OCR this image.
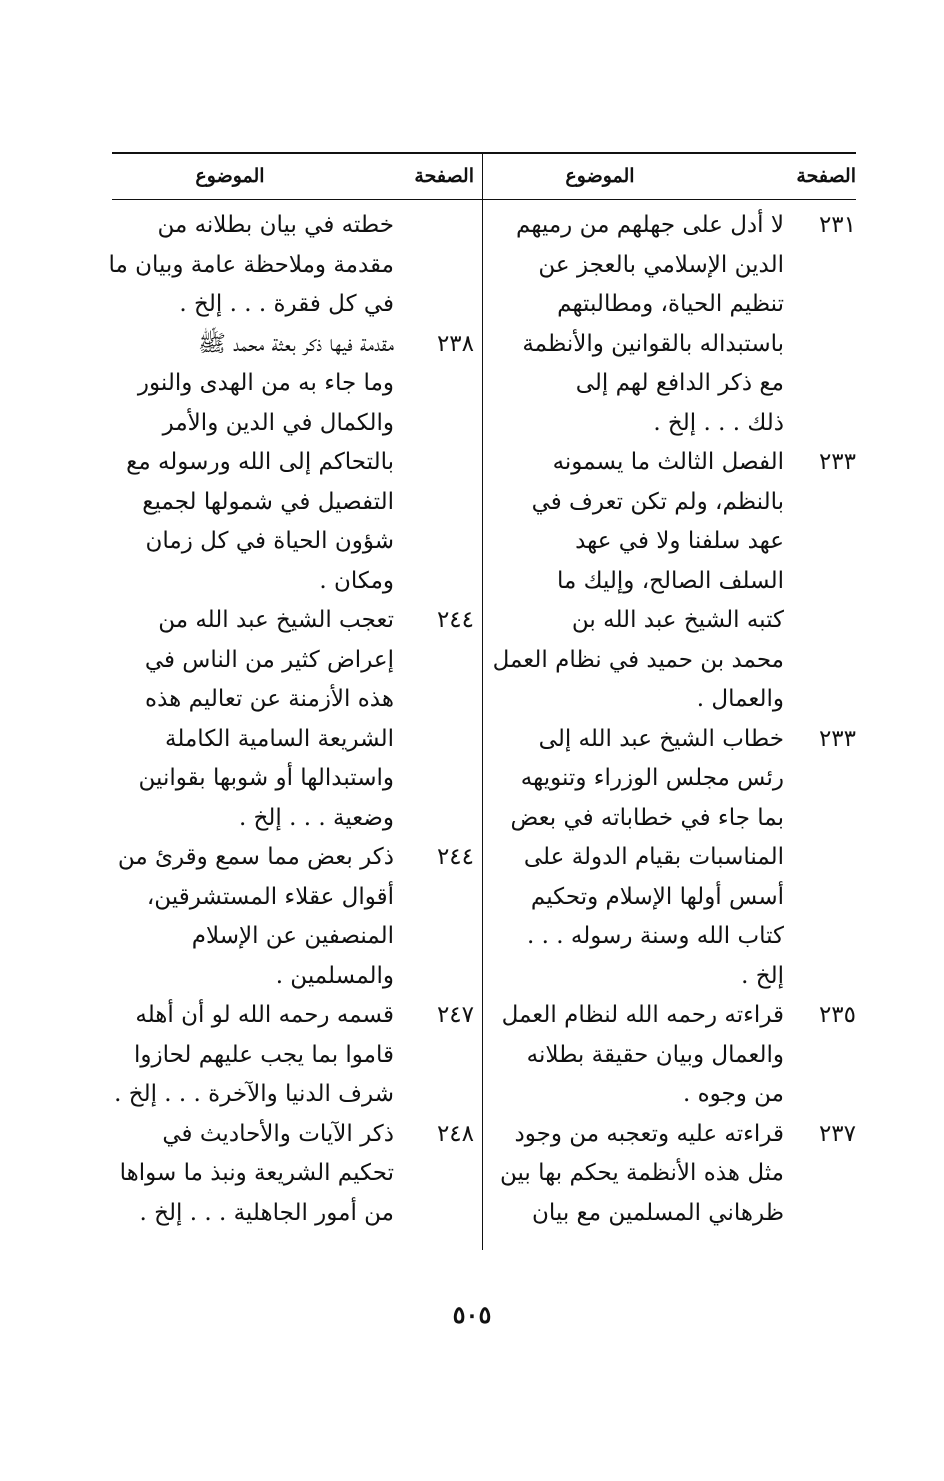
الصفحة
الموضوع
الصفحة
الموضوع
٢٣١
لا أدل على جهلهم من رميهم
الدين الإسلامي بالعجز عن
تنظيم الحياة، ومطالبتهم
باستبداله بالقوانين والأنظمة
مع ذكر الدافع لهم إلى
ذلك . . . إلخ .
٢٣٣
الفصل الثالث ما يسمونه
بالنظم، ولم تكن تعرف في
عهد سلفنا ولا في عهد
السلف الصالح، وإليك ما
كتبه الشيخ عبد الله بن
محمد بن حميد في نظام العمل
والعمال .
٢٣٣
خطاب الشيخ عبد الله إلى
رئس مجلس الوزراء وتنويهه
بما جاء في خطاباته في بعض
المناسبات بقيام الدولة على
أسس أولها الإسلام وتحكيم
كتاب الله وسنة رسوله . . .
إلخ .
٢٣٥
قراءته رحمه الله لنظام العمل
والعمال وبيان حقيقة بطلانه
من وجوه .
٢٣٧
قراءته عليه وتعجبه من وجود
مثل هذه الأنظمة يحكم بها بين
ظرهاني المسلمين مع بيان
خطته في بيان بطلانه من
مقدمة وملاحظة عامة وبيان ما
في كل فقرة . . . إلخ .
٢٣٨
مقدمة فيها ذكر بعثة محمد ﷺ
وما جاء به من الهدى والنور
والكمال في الدين والأمر
بالتحاكم إلى الله ورسوله مع
التفصيل في شمولها لجميع
شؤون الحياة في كل زمان
ومكان .
٢٤٤
تعجب الشيخ عبد الله من
إعراض كثير من الناس في
هذه الأزمنة عن تعاليم هذه
الشريعة السامية الكاملة
واستبدالها أو شوبها بقوانين
وضعية . . . إلخ .
٢٤٤
ذكر بعض مما سمع وقرئ من
أقوال عقلاء المستشرقين،
المنصفين عن الإسلام
والمسلمين .
٢٤٧
قسمه رحمه الله لو أن أهله
قاموا بما يجب عليهم لحازوا
شرف الدنيا والآخرة . . . إلخ .
٢٤٨
ذكر الآيات والأحاديث في
تحكيم الشريعة ونبذ ما سواها
من أمور الجاهلية . . . إلخ .
٥٠٥
